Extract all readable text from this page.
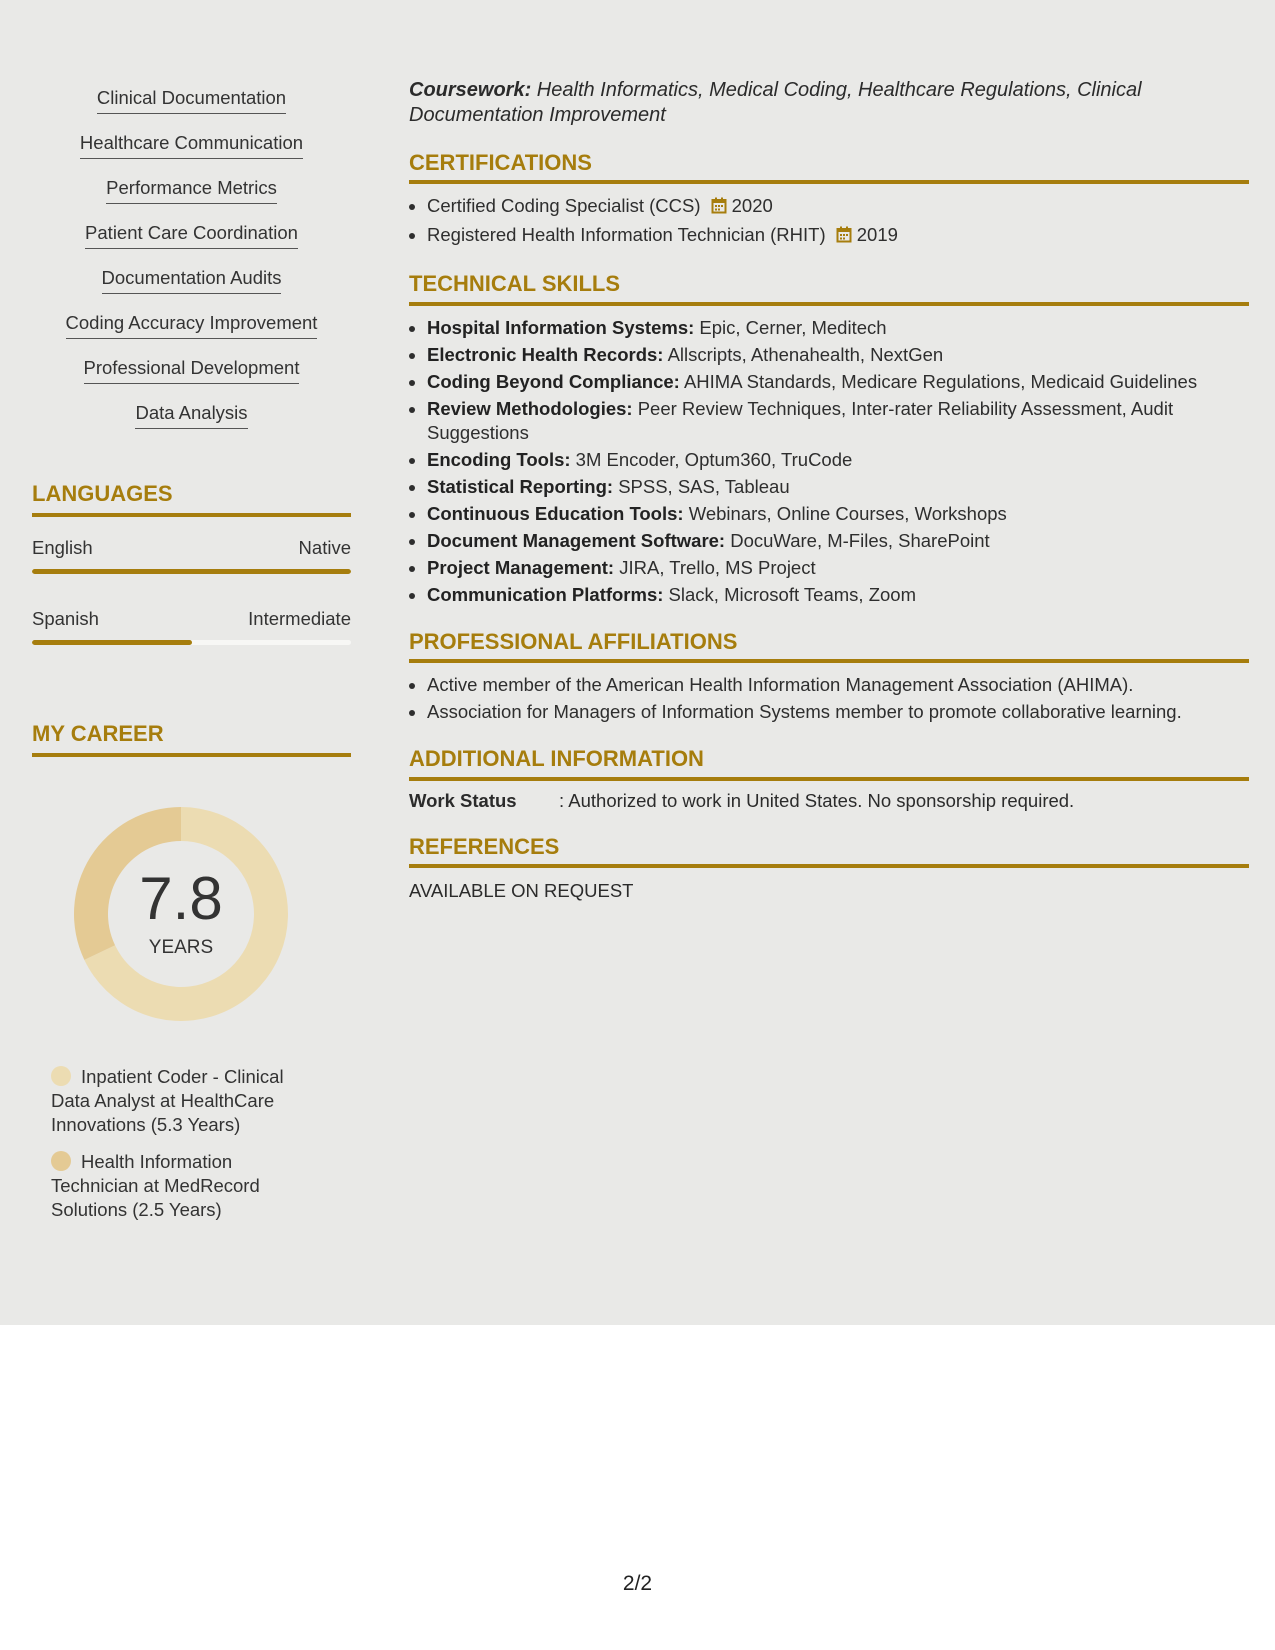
Clinical Documentation
Healthcare Communication
Performance Metrics
Patient Care Coordination
Documentation Audits
Coding Accuracy Improvement
Professional Development
Data Analysis
LANGUAGES
English	Native
Spanish	Intermediate
MY CAREER
7.8
YEARS
Inpatient Coder - Clinical Data Analyst at HealthCare Innovations (5.3 Years)
Health Information Technician at MedRecord Solutions (2.5 Years)
Coursework: Health Informatics, Medical Coding, Healthcare Regulations, Clinical Documentation Improvement
CERTIFICATIONS
Certified Coding Specialist (CCS) 2020
Registered Health Information Technician (RHIT) 2019
TECHNICAL SKILLS
Hospital Information Systems: Epic, Cerner, Meditech
Electronic Health Records: Allscripts, Athenahealth, NextGen
Coding Beyond Compliance: AHIMA Standards, Medicare Regulations, Medicaid Guidelines
Review Methodologies: Peer Review Techniques, Inter-rater Reliability Assessment, Audit Suggestions
Encoding Tools: 3M Encoder, Optum360, TruCode
Statistical Reporting: SPSS, SAS, Tableau
Continuous Education Tools: Webinars, Online Courses, Workshops
Document Management Software: DocuWare, M-Files, SharePoint
Project Management: JIRA, Trello, MS Project
Communication Platforms: Slack, Microsoft Teams, Zoom
PROFESSIONAL AFFILIATIONS
Active member of the American Health Information Management Association (AHIMA).
Association for Managers of Information Systems member to promote collaborative learning.
ADDITIONAL INFORMATION
Work Status	: Authorized to work in United States. No sponsorship required.
REFERENCES
AVAILABLE ON REQUEST
2/2
